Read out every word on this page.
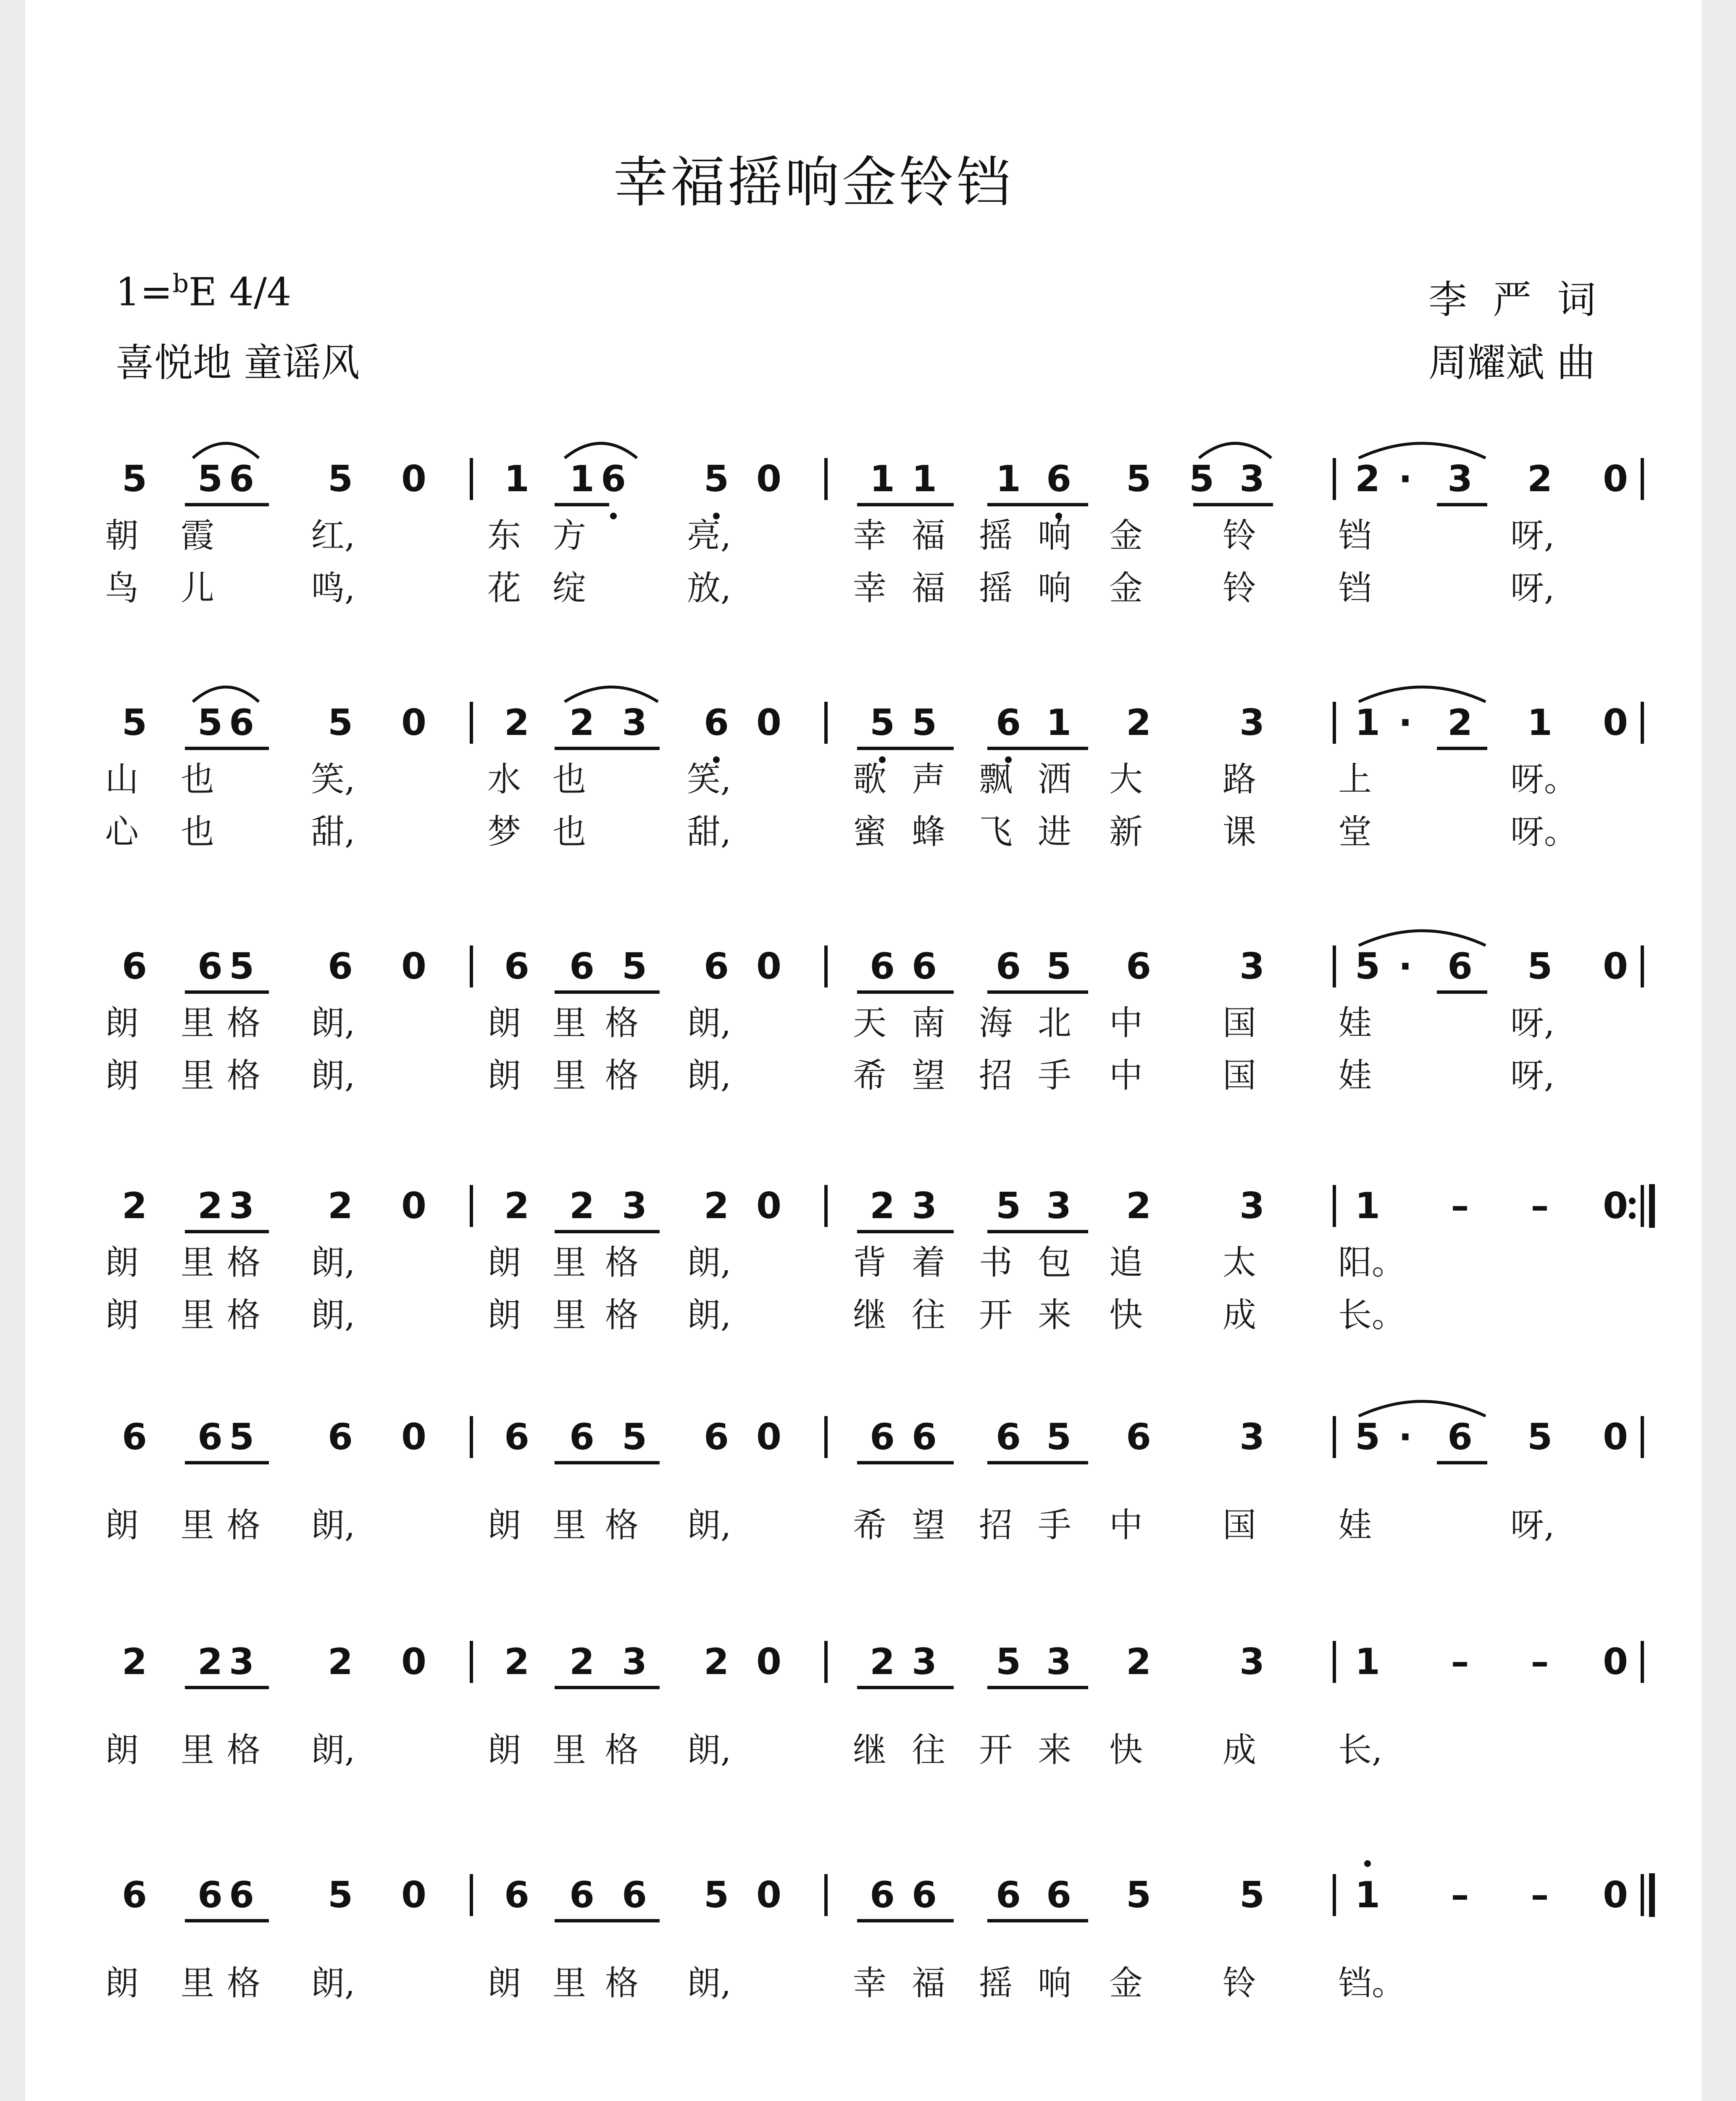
幸福摇响金铃铛
1=$^b$E 4/4
喜悦地 童谣风
李 严 词
周耀斌 曲
5	5 6	5	0	1	1 6	5 0	1 1	1 6	5	5 3	2 · 3	2	0
朝	霞	红,	东 方	亮,	幸 福	摇 响	金	铃	铛	呀,
鸟	儿	鸣,	花 绽	放,	幸 福	摇 响	金	铃	铛	呀,
5	5 6	5	0	2	2 3	6 0	5 5	6 1	2	3	1 · 2	1	0
山	也	笑,	水 也	笑,	歌 声	飘 洒	大	路	上	呀。
心	也	甜,	梦 也	甜,	蜜 蜂	飞 进	新	课	堂	呀。
6	6 5	6	0	6	6 5	6 0	6 6	6 5	6	3	5 · 6	5	0
朗	里 格	朗,	朗 里 格	朗,	天 南	海 北	中	国	娃	呀,
朗	里 格	朗,	朗 里 格	朗,	希 望	招 手	中	国	娃	呀,
2	2 3	2	0	2	2 3	2 0	2 3	5 3	2	3	1	–	–	0
朗	里 格	朗,	朗 里 格	朗,	背 着	书 包	追	太	阳。
朗	里 格	朗,	朗 里 格	朗,	继 往	开 来	快	成	长。
6	6 5	6	0	6	6 5	6 0	6 6	6 5	6	3	5 · 6	5	0
朗	里 格	朗,	朗 里 格	朗,	希 望	招 手	中	国	娃	呀,
2	2 3	2	0	2	2 3	2 0	2 3	5 3	2	3	1	–	–	0
朗	里 格	朗,	朗 里 格	朗,	继 往	开 来	快	成	长,
6	6 6	5	0	6	6 6	5 0	6 6	6 6	5	5	1	–	–	0
朗	里 格	朗,	朗 里 格	朗,	幸 福	摇 响	金	铃	铛。
